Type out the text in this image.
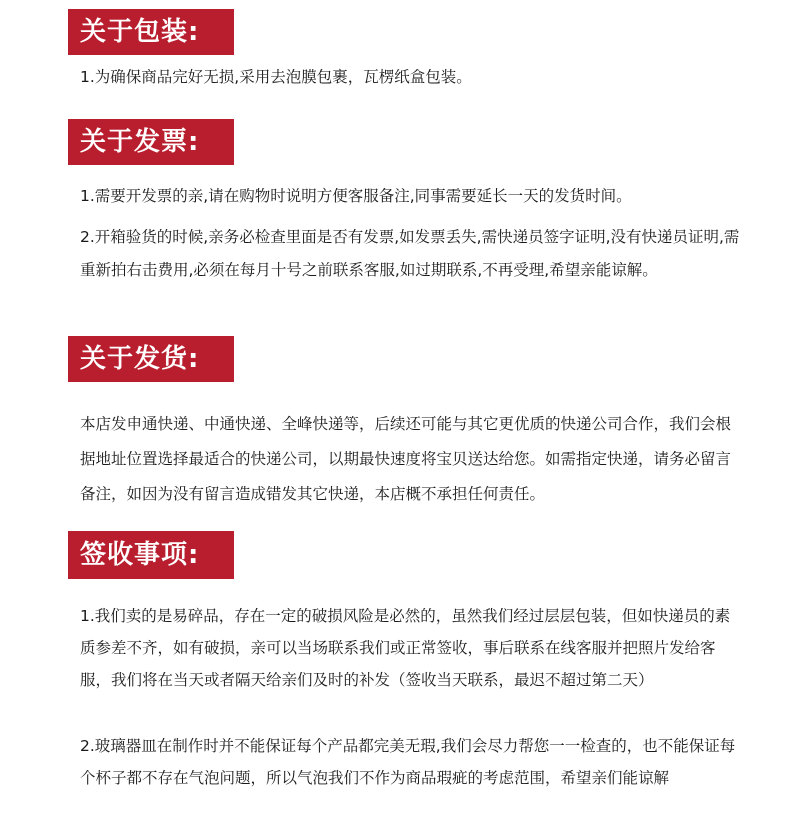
关于包装:

1.为确保商品完好无损,采用去泡膜包裹，瓦楞纸盒包装。

关于发票:

1.需要开发票的亲,请在购物时说明方便客服备注,同事需要延长一天的发货时间。

2.开箱验货的时候,亲务必检查里面是否有发票,如发票丢失,需快递员签字证明,没有快递员证明,需重新拍右击费用,必须在每月十号之前联系客服,如过期联系,不再受理,希望亲能谅解。

关于发货:

本店发申通快递、中通快递、全峰快递等，后续还可能与其它更优质的快递公司合作，我们会根据地址位置选择最适合的快递公司，以期最快速度将宝贝送达给您。如需指定快递，请务必留言备注，如因为没有留言造成错发其它快递，本店概不承担任何责任。

签收事项:

1.我们卖的是易碎品，存在一定的破损风险是必然的，虽然我们经过层层包装，但如快递员的素质参差不齐，如有破损，亲可以当场联系我们或正常签收，事后联系在线客服并把照片发给客服，我们将在当天或者隔天给亲们及时的补发（签收当天联系，最迟不超过第二天）

2.玻璃器皿在制作时并不能保证每个产品都完美无瑕,我们会尽力帮您一一检查的，也不能保证每个杯子都不存在气泡问题，所以气泡我们不作为商品瑕疵的考虑范围，希望亲们能谅解
